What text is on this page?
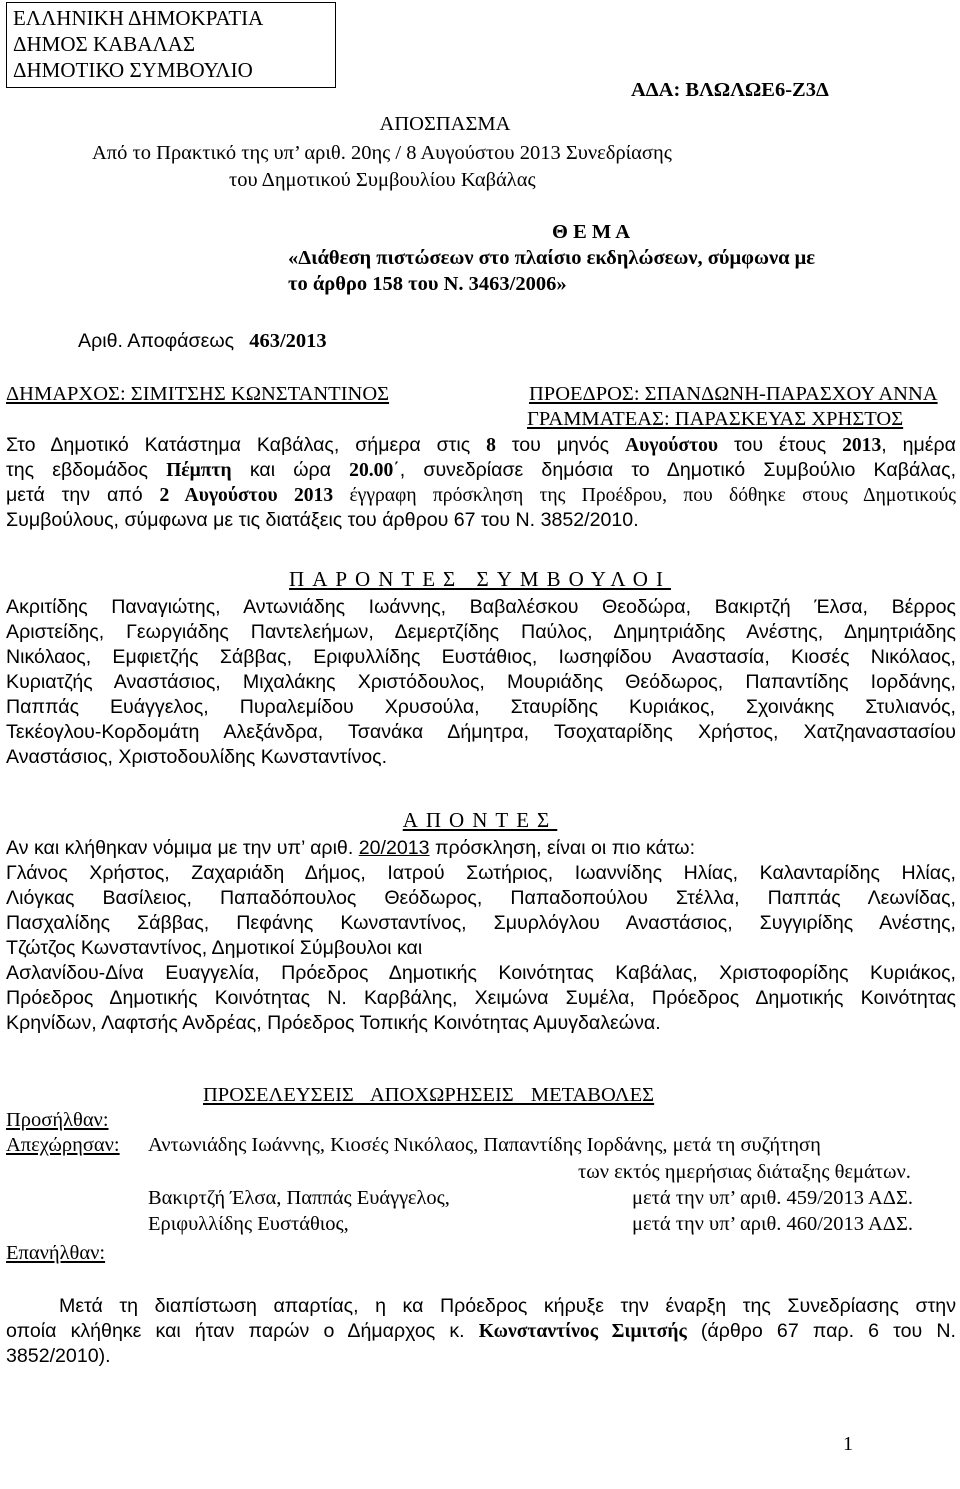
ΕΛΛΗΝΙΚΗ ΔΗΜΟΚΡΑΤΙΑ
ΔΗΜΟΣ ΚΑΒΑΛΑΣ
ΔΗΜΟΤΙΚΟ ΣΥΜΒΟΥΛΙΟ
ΑΔΑ: ΒΛΩΛΩΕ6-Ζ3Δ
ΑΠΟΣΠΑΣΜΑ
Από το Πρακτικό της υπ’ αριθ. 20ης / 8 Αυγούστου 2013 Συνεδρίασης
του Δημοτικού Συμβουλίου Καβάλας
Θ Ε Μ Α
«Διάθεση πιστώσεων στο πλαίσιο εκδηλώσεων, σύμφωνα με
το άρθρο 158 του Ν. 3463/2006»
Αριθ. Αποφάσεως 463/2013
ΔΗΜΑΡΧΟΣ: ΣΙΜΙΤΣΗΣ ΚΩΝΣΤΑΝΤΙΝΟΣ	ΠΡΟΕΔΡΟΣ: ΣΠΑΝΔΩΝΗ-ΠΑΡΑΣΧΟΥ ΑΝΝΑ
ΓΡΑΜΜΑΤΕΑΣ: ΠΑΡΑΣΚΕΥΑΣ ΧΡΗΣΤΟΣ
Στο Δημοτικό Κατάστημα Καβάλας, σήμερα στις 8 του μηνός Αυγούστου του έτους 2013, ημέρα
της εβδομάδος Πέμπτη και ώρα 20.00΄, συνεδρίασε δημόσια το Δημοτικό Συμβούλιο Καβάλας,
μετά την από 2 Αυγούστου 2013 έγγραφη πρόσκληση της Προέδρου, που δόθηκε στους Δημοτικούς
Συμβούλους, σύμφωνα με τις διατάξεις του άρθρου 67 του Ν. 3852/2010.
ΠΑΡΟΝΤΕΣ ΣΥΜΒΟΥΛΟΙ
Ακριτίδης Παναγιώτης, Αντωνιάδης Ιωάννης, Βαβαλέσκου Θεοδώρα, Βακιρτζή Έλσα, Βέρρος
Αριστείδης, Γεωργιάδης Παντελεήμων, Δεμερτζίδης Παύλος, Δημητριάδης Ανέστης, Δημητριάδης
Νικόλαος, Εμφιετζής Σάββας, Εριφυλλίδης Ευστάθιος, Ιωσηφίδου Αναστασία, Κιοσές Νικόλαος,
Κυριατζής Αναστάσιος, Μιχαλάκης Χριστόδουλος, Μουριάδης Θεόδωρος, Παπαντίδης Ιορδάνης,
Παππάς Ευάγγελος, Πυραλεμίδου Χρυσούλα, Σταυρίδης Κυριάκος, Σχοινάκης Στυλιανός,
Τεκέογλου-Κορδομάτη Αλεξάνδρα, Τσανάκα Δήμητρα, Τσοχαταρίδης Χρήστος, Χατζηαναστασίου
Αναστάσιος, Χριστοδουλίδης Κωνσταντίνος.
ΑΠΟΝΤΕΣ
Αν και κλήθηκαν νόμιμα με την υπ’ αριθ. 20/2013 πρόσκληση, είναι οι πιο κάτω:
Γλάνος Χρήστος, Ζαχαριάδη Δήμος, Ιατρού Σωτήριος, Ιωαννίδης Ηλίας, Καλανταρίδης Ηλίας,
Λιόγκας Βασίλειος, Παπαδόπουλος Θεόδωρος, Παπαδοπούλου Στέλλα, Παππάς Λεωνίδας,
Πασχαλίδης Σάββας, Πεφάνης Κωνσταντίνος, Σμυρλόγλου Αναστάσιος, Συγγιρίδης Ανέστης,
Τζώτζος Κωνσταντίνος, Δημοτικοί Σύμβουλοι και
Ασλανίδου-Δίνα Ευαγγελία, Πρόεδρος Δημοτικής Κοινότητας Καβάλας, Χριστοφορίδης Κυριάκος,
Πρόεδρος Δημοτικής Κοινότητας Ν. Καρβάλης, Χειμώνα Συμέλα, Πρόεδρος Δημοτικής Κοινότητας
Κρηνίδων, Λαφτσής Ανδρέας, Πρόεδρος Τοπικής Κοινότητας Αμυγδαλεώνα.
ΠΡΟΣΕΛΕΥΣΕΙΣ ΑΠΟΧΩΡΗΣΕΙΣ ΜΕΤΑΒΟΛΕΣ
Προσήλθαν:
Απεχώρησαν: Αντωνιάδης Ιωάννης, Κιοσές Νικόλαος, Παπαντίδης Ιορδάνης, μετά τη συζήτηση
των εκτός ημερήσιας διάταξης θεμάτων.
Βακιρτζή Έλσα, Παππάς Ευάγγελος,	μετά την υπ’ αριθ. 459/2013 ΑΔΣ.
Εριφυλλίδης Ευστάθιος,	μετά την υπ’ αριθ. 460/2013 ΑΔΣ.
Επανήλθαν:
Μετά τη διαπίστωση απαρτίας, η κα Πρόεδρος κήρυξε την έναρξη της Συνεδρίασης στην
οποία κλήθηκε και ήταν παρών ο Δήμαρχος κ. Κωνσταντίνος Σιμιτσής (άρθρο 67 παρ. 6 του Ν.
3852/2010).
1
